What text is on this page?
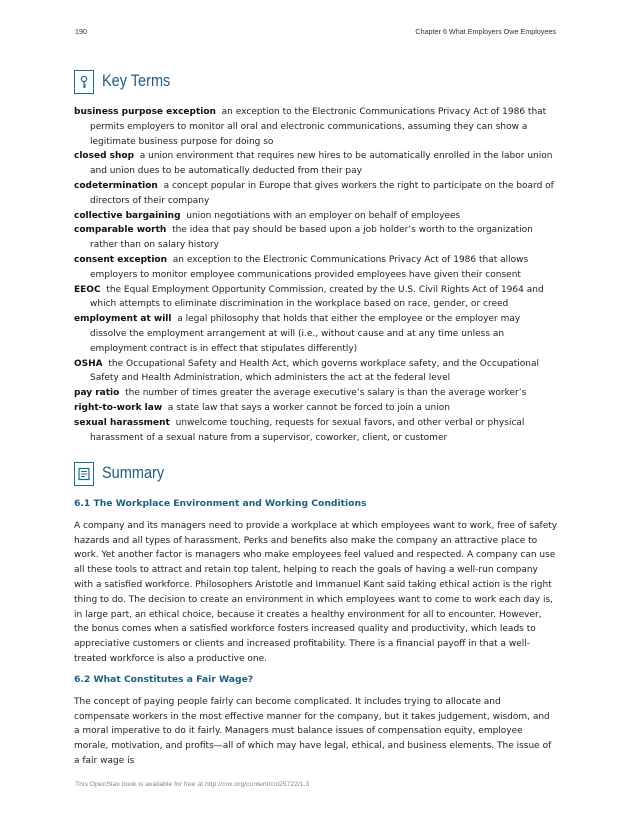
190	Chapter 6 What Employers Owe Employees
Key Terms
business purpose exception an exception to the Electronic Communications Privacy Act of 1986 that permits employers to monitor all oral and electronic communications, assuming they can show a legitimate business purpose for doing so
closed shop a union environment that requires new hires to be automatically enrolled in the labor union and union dues to be automatically deducted from their pay
codetermination a concept popular in Europe that gives workers the right to participate on the board of directors of their company
collective bargaining union negotiations with an employer on behalf of employees
comparable worth the idea that pay should be based upon a job holder’s worth to the organization rather than on salary history
consent exception an exception to the Electronic Communications Privacy Act of 1986 that allows employers to monitor employee communications provided employees have given their consent
EEOC the Equal Employment Opportunity Commission, created by the U.S. Civil Rights Act of 1964 and which attempts to eliminate discrimination in the workplace based on race, gender, or creed
employment at will a legal philosophy that holds that either the employee or the employer may dissolve the employment arrangement at will (i.e., without cause and at any time unless an employment contract is in effect that stipulates differently)
OSHA the Occupational Safety and Health Act, which governs workplace safety, and the Occupational Safety and Health Administration, which administers the act at the federal level
pay ratio the number of times greater the average executive’s salary is than the average worker’s
right-to-work law a state law that says a worker cannot be forced to join a union
sexual harassment unwelcome touching, requests for sexual favors, and other verbal or physical harassment of a sexual nature from a supervisor, coworker, client, or customer
Summary
6.1 The Workplace Environment and Working Conditions
A company and its managers need to provide a workplace at which employees want to work, free of safety hazards and all types of harassment. Perks and benefits also make the company an attractive place to work. Yet another factor is managers who make employees feel valued and respected. A company can use all these tools to attract and retain top talent, helping to reach the goals of having a well-run company with a satisfied workforce. Philosophers Aristotle and Immanuel Kant said taking ethical action is the right thing to do. The decision to create an environment in which employees want to come to work each day is, in large part, an ethical choice, because it creates a healthy environment for all to encounter. However, the bonus comes when a satisfied workforce fosters increased quality and productivity, which leads to appreciative customers or clients and increased profitability. There is a financial payoff in that a well-treated workforce is also a productive one.
6.2 What Constitutes a Fair Wage?
The concept of paying people fairly can become complicated. It includes trying to allocate and compensate workers in the most effective manner for the company, but it takes judgement, wisdom, and a moral imperative to do it fairly. Managers must balance issues of compensation equity, employee morale, motivation, and profits—all of which may have legal, ethical, and business elements. The issue of a fair wage is
This OpenStax book is available for free at http://cnx.org/content/col25722/1.3
